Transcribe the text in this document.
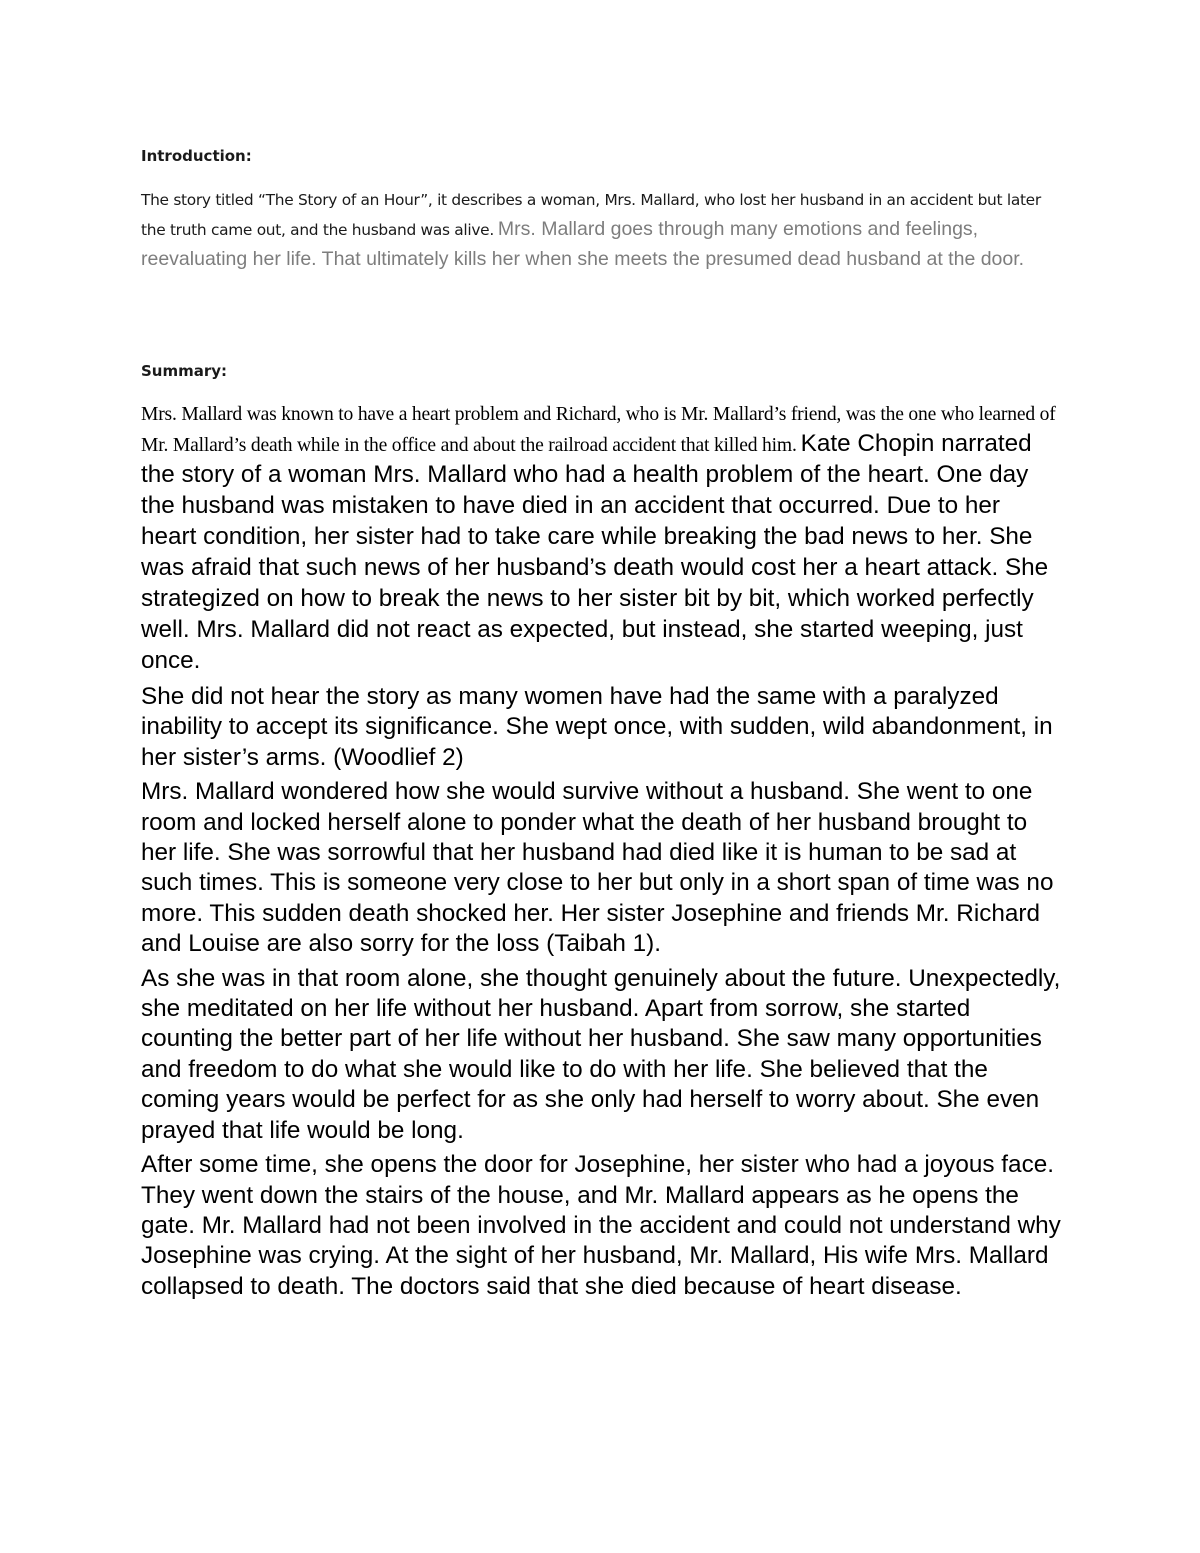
Introduction:

The story titled “The Story of an Hour”, it describes a woman, Mrs. Mallard, who lost her husband in an accident but later the truth came out, and the husband was alive. Mrs. Mallard goes through many emotions and feelings, reevaluating her life. That ultimately kills her when she meets the presumed dead husband at the door.

Summary:

Mrs. Mallard was known to have a heart problem and Richard, who is Mr. Mallard’s friend, was the one who learned of Mr. Mallard’s death while in the office and about the railroad accident that killed him. Kate Chopin narrated the story of a woman Mrs. Mallard who had a health problem of the heart. One day the husband was mistaken to have died in an accident that occurred. Due to her heart condition, her sister had to take care while breaking the bad news to her. She was afraid that such news of her husband’s death would cost her a heart attack. She strategized on how to break the news to her sister bit by bit, which worked perfectly well. Mrs. Mallard did not react as expected, but instead, she started weeping, just once.

She did not hear the story as many women have had the same with a paralyzed inability to accept its significance. She wept once, with sudden, wild abandonment, in her sister’s arms. (Woodlief 2)

Mrs. Mallard wondered how she would survive without a husband. She went to one room and locked herself alone to ponder what the death of her husband brought to her life. She was sorrowful that her husband had died like it is human to be sad at such times. This is someone very close to her but only in a short span of time was no more. This sudden death shocked her. Her sister Josephine and friends Mr. Richard and Louise are also sorry for the loss (Taibah 1).

As she was in that room alone, she thought genuinely about the future. Unexpectedly, she meditated on her life without her husband. Apart from sorrow, she started counting the better part of her life without her husband. She saw many opportunities and freedom to do what she would like to do with her life. She believed that the coming years would be perfect for as she only had herself to worry about. She even prayed that life would be long.

After some time, she opens the door for Josephine, her sister who had a joyous face. They went down the stairs of the house, and Mr. Mallard appears as he opens the gate. Mr. Mallard had not been involved in the accident and could not understand why Josephine was crying. At the sight of her husband, Mr. Mallard, His wife Mrs. Mallard collapsed to death. The doctors said that she died because of heart disease.
